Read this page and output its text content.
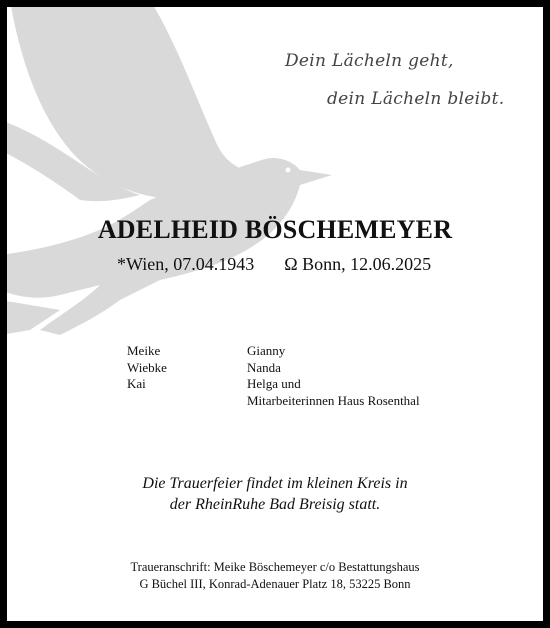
Dein Lächeln geht,
dein Lächeln bleibt.
ADELHEID BÖSCHEMEYER
*Wien, 07.04.1943 Ω Bonn, 12.06.2025
Meike
Wiebke
Kai
Gianny
Nanda
Helga und
Mitarbeiterinnen Haus Rosenthal
Die Trauerfeier findet im kleinen Kreis in
der RheinRuhe Bad Breisig statt.
Traueranschrift: Meike Böschemeyer c/o Bestattungshaus
G Büchel III, Konrad-Adenauer Platz 18, 53225 Bonn
